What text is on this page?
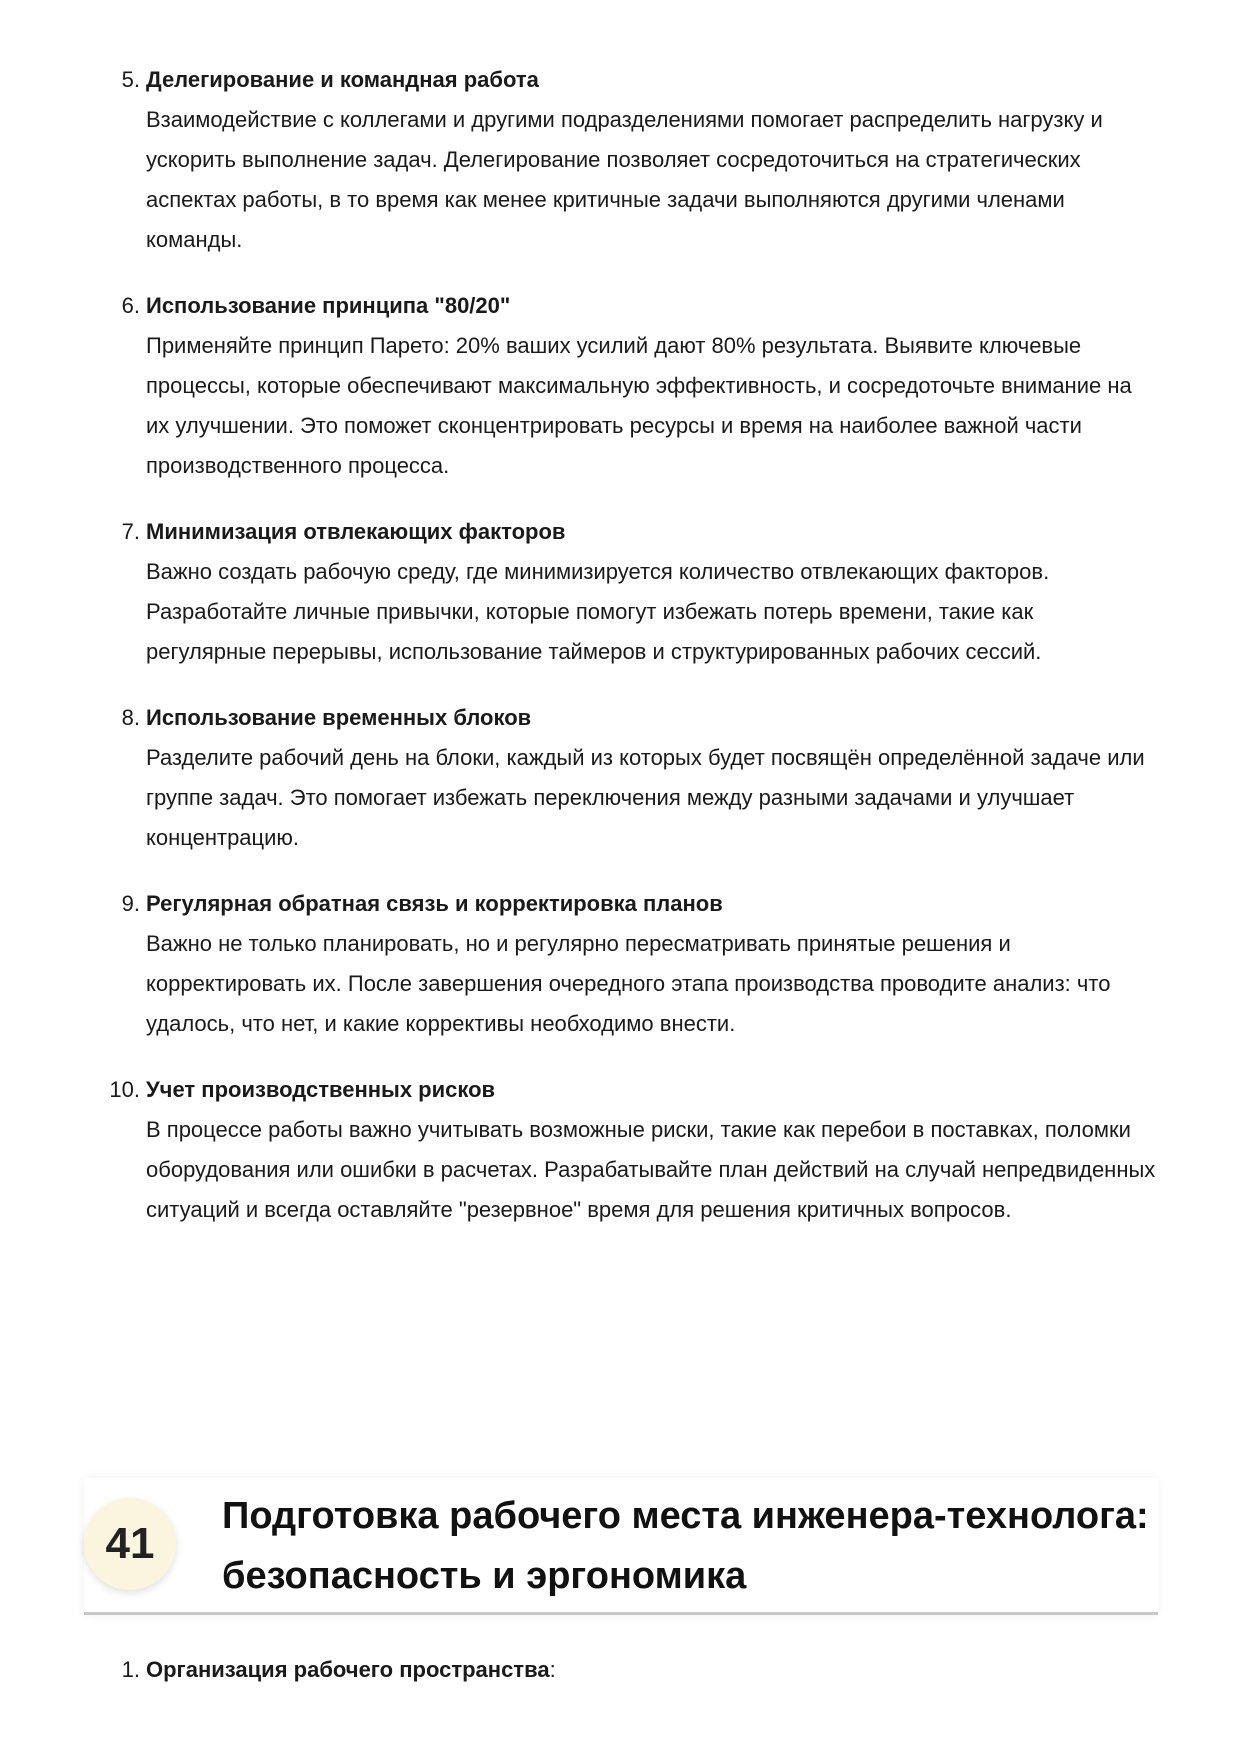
5. Делегирование и командная работа
Взаимодействие с коллегами и другими подразделениями помогает распределить нагрузку и ускорить выполнение задач. Делегирование позволяет сосредоточиться на стратегических аспектах работы, в то время как менее критичные задачи выполняются другими членами команды.
6. Использование принципа "80/20"
Применяйте принцип Парето: 20% ваших усилий дают 80% результата. Выявите ключевые процессы, которые обеспечивают максимальную эффективность, и сосредоточьте внимание на их улучшении. Это поможет сконцентрировать ресурсы и время на наиболее важной части производственного процесса.
7. Минимизация отвлекающих факторов
Важно создать рабочую среду, где минимизируется количество отвлекающих факторов. Разработайте личные привычки, которые помогут избежать потерь времени, такие как регулярные перерывы, использование таймеров и структурированных рабочих сессий.
8. Использование временных блоков
Разделите рабочий день на блоки, каждый из которых будет посвящён определённой задаче или группе задач. Это помогает избежать переключения между разными задачами и улучшает концентрацию.
9. Регулярная обратная связь и корректировка планов
Важно не только планировать, но и регулярно пересматривать принятые решения и корректировать их. После завершения очередного этапа производства проводите анализ: что удалось, что нет, и какие коррективы необходимо внести.
10. Учет производственных рисков
В процессе работы важно учитывать возможные риски, такие как перебои в поставках, поломки оборудования или ошибки в расчетах. Разрабатывайте план действий на случай непредвиденных ситуаций и всегда оставляйте "резервное" время для решения критичных вопросов.
41
Подготовка рабочего места инженера-технолога: безопасность и эргономика
1. Организация рабочего пространства:
